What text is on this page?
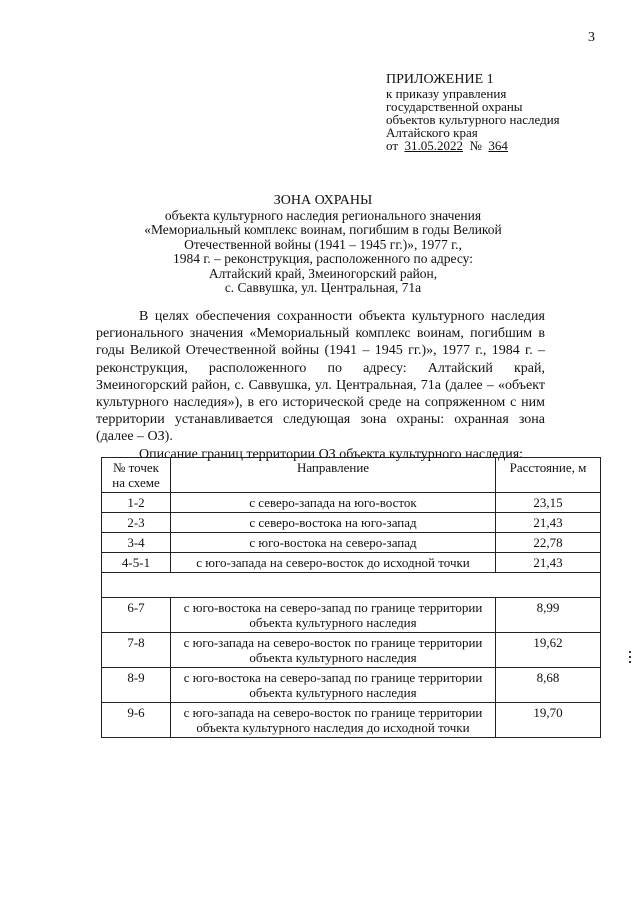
3
ПРИЛОЖЕНИЕ 1
к приказу управления
государственной охраны
объектов культурного наследия
Алтайского края
от 31.05.2022 № 364
ЗОНА ОХРАНЫ
объекта культурного наследия регионального значения
«Мемориальный комплекс воинам, погибшим в годы Великой
Отечественной войны (1941 – 1945 гг.)», 1977 г.,
1984 г. – реконструкция, расположенного по адресу:
Алтайский край, Змеиногорский район,
с. Саввушка, ул. Центральная, 71а

В целях обеспечения сохранности объекта культурного наследия регионального значения «Мемориальный комплекс воинам, погибшим в годы Великой Отечественной войны (1941 – 1945 гг.)», 1977 г., 1984 г. – реконструкция, расположенного по адресу: Алтайский край, Змеиногорский район, с. Саввушка, ул. Центральная, 71а (далее – «объект культурного наследия»), в его исторической среде на сопряженном с ним территории устанавливается следующая зона охраны: охранная зона (далее – ОЗ).

Описание границ территории ОЗ объекта культурного наследия:

№ точек
на схеме	Направление	Расстояние, м
1-2	с северо-запада на юго-восток	23,15
2-3	с северо-востока на юго-запад	21,43
3-4	с юго-востока на северо-запад	22,78
4-5-1	с юго-запада на северо-восток до исходной точки	21,43

6-7	с юго-востока на северо-запад по границе территории объекта культурного наследия	8,99
7-8	с юго-запада на северо-восток по границе территории объекта культурного наследия	19,62
8-9	с юго-востока на северо-запад по границе территории объекта культурного наследия	8,68
9-6	с юго-запада на северо-восток по границе территории объекта культурного наследия до исходной точки	19,70
